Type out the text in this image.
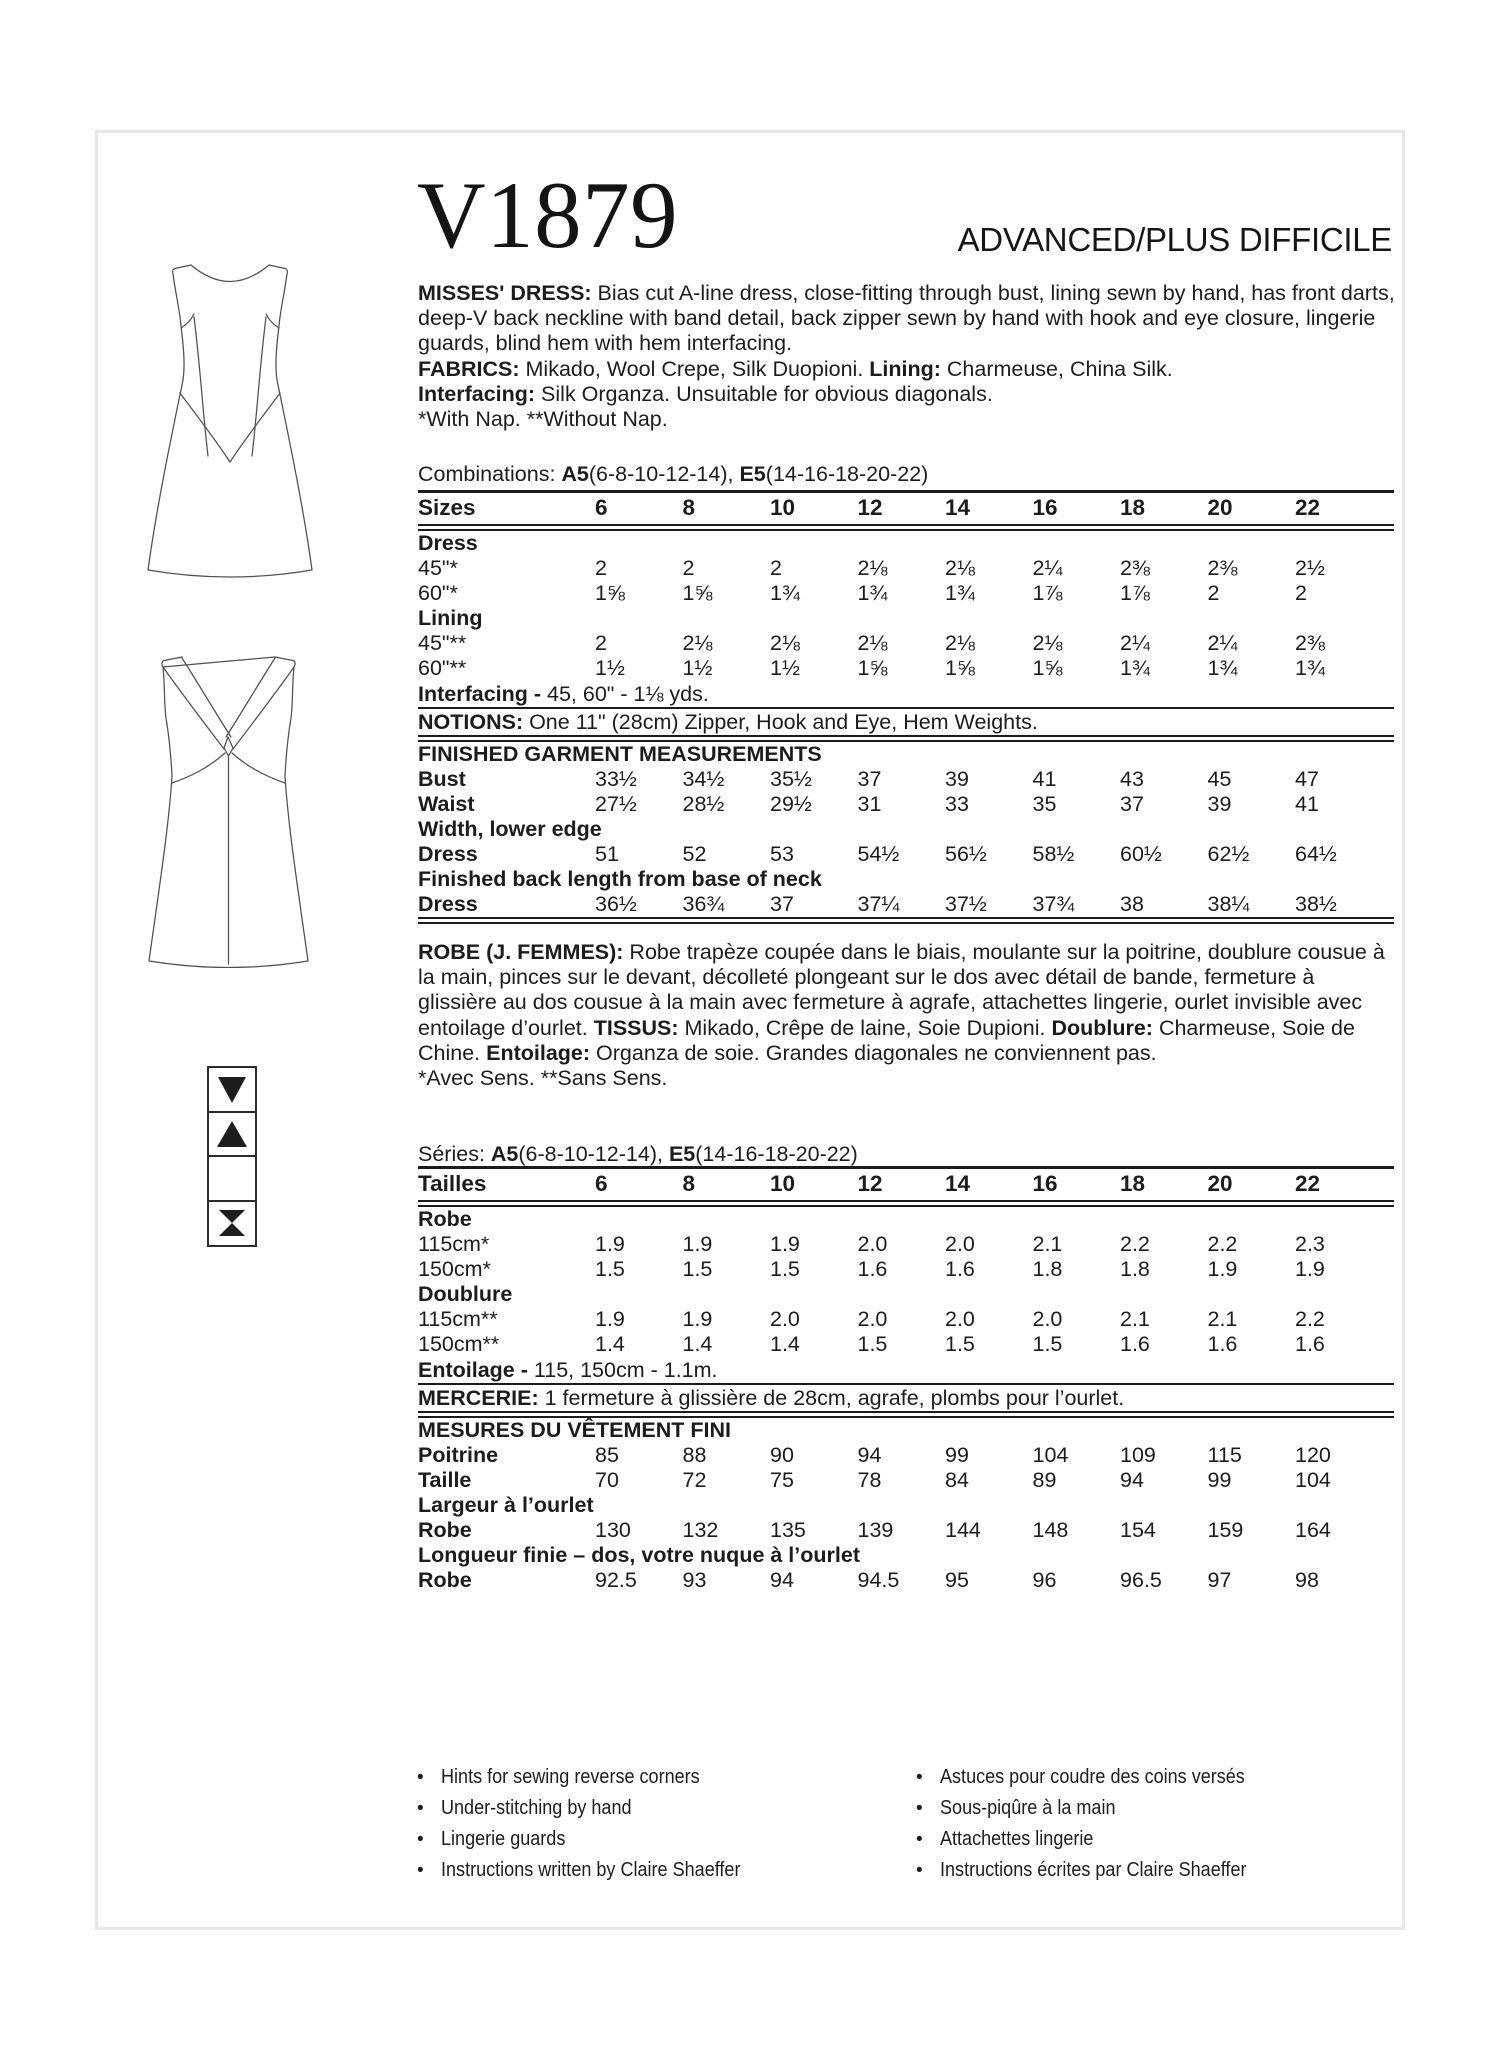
V1879	ADVANCED/PLUS DIFFICILE
MISSES' DRESS: Bias cut A-line dress, close-fitting through bust, lining sewn by hand, has front darts, deep-V back neckline with band detail, back zipper sewn by hand with hook and eye closure, lingerie guards, blind hem with hem interfacing.
FABRICS: Mikado, Wool Crepe, Silk Duopioni. Lining: Charmeuse, China Silk.
Interfacing: Silk Organza. Unsuitable for obvious diagonals.
*With Nap. **Without Nap.
Combinations: A5(6-8-10-12-14), E5(14-16-18-20-22)
Sizes	6	8	10	12	14	16	18	20	22
Dress
45"*	2	2	2	2⅛	2⅛	2¼	2⅜	2⅜	2½
60"*	1⅝	1⅝	1¾	1¾	1¾	1⅞	1⅞	2	2
Lining
45"**	2	2⅛	2⅛	2⅛	2⅛	2⅛	2¼	2¼	2⅜
60"**	1½	1½	1½	1⅝	1⅝	1⅝	1¾	1¾	1¾
Interfacing - 45, 60" - 1⅛ yds.
NOTIONS: One 11" (28cm) Zipper, Hook and Eye, Hem Weights.
FINISHED GARMENT MEASUREMENTS
Bust	33½	34½	35½	37	39	41	43	45	47
Waist	27½	28½	29½	31	33	35	37	39	41
Width, lower edge
Dress	51	52	53	54½	56½	58½	60½	62½	64½
Finished back length from base of neck
Dress	36½	36¾	37	37¼	37½	37¾	38	38¼	38½
ROBE (J. FEMMES): Robe trapèze coupée dans le biais, moulante sur la poitrine, doublure cousue à la main, pinces sur le devant, décolleté plongeant sur le dos avec détail de bande, fermeture à glissière au dos cousue à la main avec fermeture à agrafe, attachettes lingerie, ourlet invisible avec entoilage d’ourlet. TISSUS: Mikado, Crêpe de laine, Soie Dupioni. Doublure: Charmeuse, Soie de Chine. Entoilage: Organza de soie. Grandes diagonales ne conviennent pas.
*Avec Sens. **Sans Sens.
Séries: A5(6-8-10-12-14), E5(14-16-18-20-22)
Tailles	6	8	10	12	14	16	18	20	22
Robe
115cm*	1.9	1.9	1.9	2.0	2.0	2.1	2.2	2.2	2.3
150cm*	1.5	1.5	1.5	1.6	1.6	1.8	1.8	1.9	1.9
Doublure
115cm**	1.9	1.9	2.0	2.0	2.0	2.0	2.1	2.1	2.2
150cm**	1.4	1.4	1.4	1.5	1.5	1.5	1.6	1.6	1.6
Entoilage - 115, 150cm - 1.1m.
MERCERIE: 1 fermeture à glissière de 28cm, agrafe, plombs pour l’ourlet.
MESURES DU VÊTEMENT FINI
Poitrine	85	88	90	94	99	104	109	115	120
Taille	70	72	75	78	84	89	94	99	104
Largeur à l’ourlet
Robe	130	132	135	139	144	148	154	159	164
Longueur finie – dos, votre nuque à l’ourlet
Robe	92.5	93	94	94.5	95	96	96.5	97	98
• Hints for sewing reverse corners
• Under-stitching by hand
• Lingerie guards
• Instructions written by Claire Shaeffer
• Astuces pour coudre des coins versés
• Sous-piqûre à la main
• Attachettes lingerie
• Instructions écrites par Claire Shaeffer
